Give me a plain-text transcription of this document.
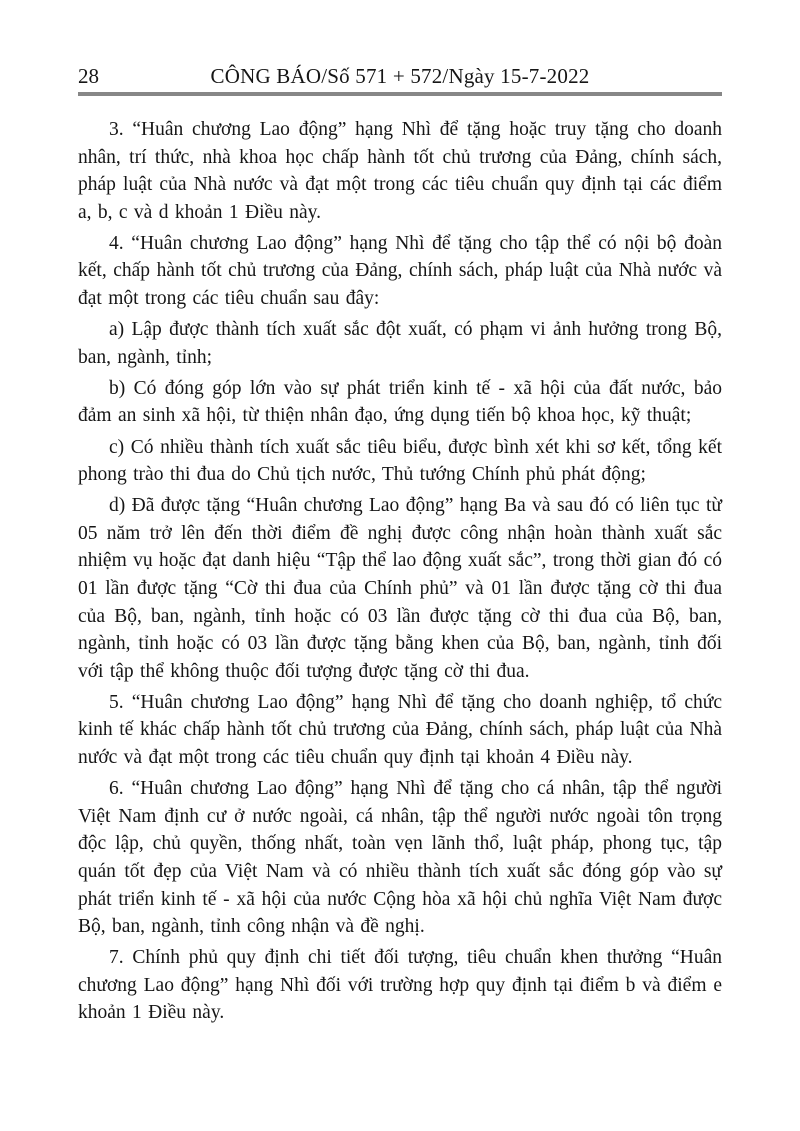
28	CÔNG BÁO/Số 571 + 572/Ngày 15-7-2022

3. “Huân chương Lao động” hạng Nhì để tặng hoặc truy tặng cho doanh nhân, trí thức, nhà khoa học chấp hành tốt chủ trương của Đảng, chính sách, pháp luật của Nhà nước và đạt một trong các tiêu chuẩn quy định tại các điểm a, b, c và d khoản 1 Điều này.

4. “Huân chương Lao động” hạng Nhì để tặng cho tập thể có nội bộ đoàn kết, chấp hành tốt chủ trương của Đảng, chính sách, pháp luật của Nhà nước và đạt một trong các tiêu chuẩn sau đây:

a) Lập được thành tích xuất sắc đột xuất, có phạm vi ảnh hưởng trong Bộ, ban, ngành, tỉnh;

b) Có đóng góp lớn vào sự phát triển kinh tế - xã hội của đất nước, bảo đảm an sinh xã hội, từ thiện nhân đạo, ứng dụng tiến bộ khoa học, kỹ thuật;

c) Có nhiều thành tích xuất sắc tiêu biểu, được bình xét khi sơ kết, tổng kết phong trào thi đua do Chủ tịch nước, Thủ tướng Chính phủ phát động;

d) Đã được tặng “Huân chương Lao động” hạng Ba và sau đó có liên tục từ 05 năm trở lên đến thời điểm đề nghị được công nhận hoàn thành xuất sắc nhiệm vụ hoặc đạt danh hiệu “Tập thể lao động xuất sắc”, trong thời gian đó có 01 lần được tặng “Cờ thi đua của Chính phủ” và 01 lần được tặng cờ thi đua của Bộ, ban, ngành, tỉnh hoặc có 03 lần được tặng cờ thi đua của Bộ, ban, ngành, tỉnh hoặc có 03 lần được tặng bằng khen của Bộ, ban, ngành, tỉnh đối với tập thể không thuộc đối tượng được tặng cờ thi đua.

5. “Huân chương Lao động” hạng Nhì để tặng cho doanh nghiệp, tổ chức kinh tế khác chấp hành tốt chủ trương của Đảng, chính sách, pháp luật của Nhà nước và đạt một trong các tiêu chuẩn quy định tại khoản 4 Điều này.

6. “Huân chương Lao động” hạng Nhì để tặng cho cá nhân, tập thể người Việt Nam định cư ở nước ngoài, cá nhân, tập thể người nước ngoài tôn trọng độc lập, chủ quyền, thống nhất, toàn vẹn lãnh thổ, luật pháp, phong tục, tập quán tốt đẹp của Việt Nam và có nhiều thành tích xuất sắc đóng góp vào sự phát triển kinh tế - xã hội của nước Cộng hòa xã hội chủ nghĩa Việt Nam được Bộ, ban, ngành, tỉnh công nhận và đề nghị.

7. Chính phủ quy định chi tiết đối tượng, tiêu chuẩn khen thưởng “Huân chương Lao động” hạng Nhì đối với trường hợp quy định tại điểm b và điểm e khoản 1 Điều này.
